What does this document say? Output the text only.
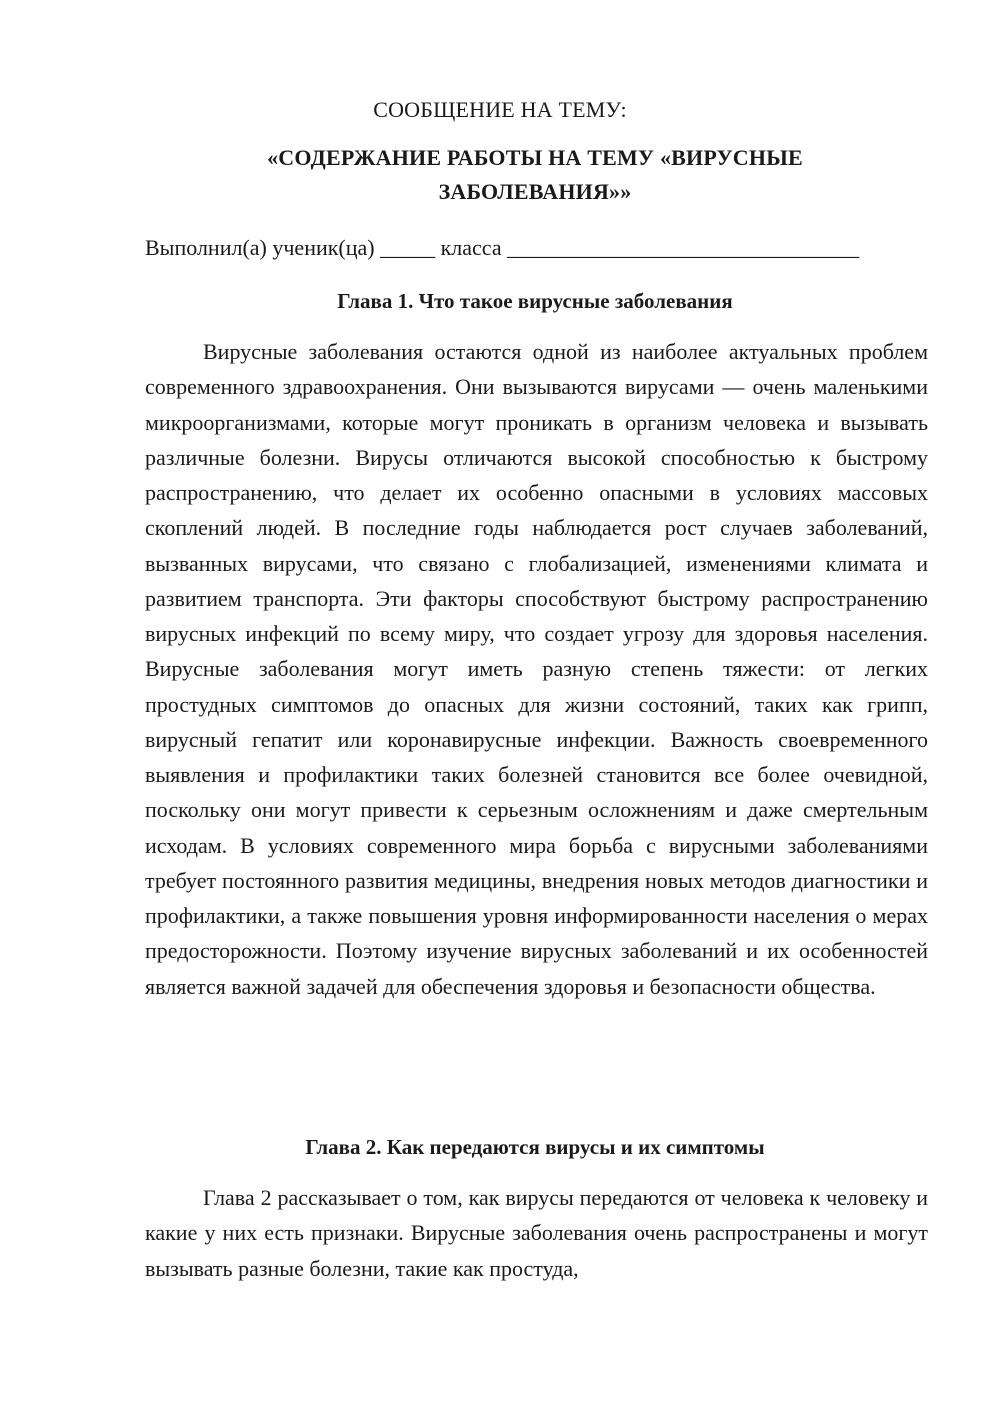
СООБЩЕНИЕ НА ТЕМУ:
«СОДЕРЖАНИЕ РАБОТЫ НА ТЕМУ «ВИРУСНЫЕ
ЗАБОЛЕВАНИЯ»»
Выполнил(а) ученик(ца) _____ класса ________________________________
Глава 1. Что такое вирусные заболевания

Вирусные заболевания остаются одной из наиболее актуальных проблем современного здравоохранения. Они вызываются вирусами — очень маленькими микроорганизмами, которые могут проникать в организм человека и вызывать различные болезни. Вирусы отличаются высокой способностью к быстрому распространению, что делает их особенно опасными в условиях массовых скоплений людей. В последние годы наблюдается рост случаев заболеваний, вызванных вирусами, что связано с глобализацией, изменениями климата и развитием транспорта. Эти факторы способствуют быстрому распространению вирусных инфекций по всему миру, что создает угрозу для здоровья населения. Вирусные заболевания могут иметь разную степень тяжести: от легких простудных симптомов до опасных для жизни состояний, таких как грипп, вирусный гепатит или коронавирусные инфекции. Важность своевременного выявления и профилактики таких болезней становится все более очевидной, поскольку они могут привести к серьезным осложнениям и даже смертельным исходам. В условиях современного мира борьба с вирусными заболеваниями требует постоянного развития медицины, внедрения новых методов диагностики и профилактики, а также повышения уровня информированности населения о мерах предосторожности. Поэтому изучение вирусных заболеваний и их особенностей является важной задачей для обеспечения здоровья и безопасности общества.

Глава 2. Как передаются вирусы и их симптомы

Глава 2 рассказывает о том, как вирусы передаются от человека к человеку и какие у них есть признаки. Вирусные заболевания очень распространены и могут вызывать разные болезни, такие как простуда,
